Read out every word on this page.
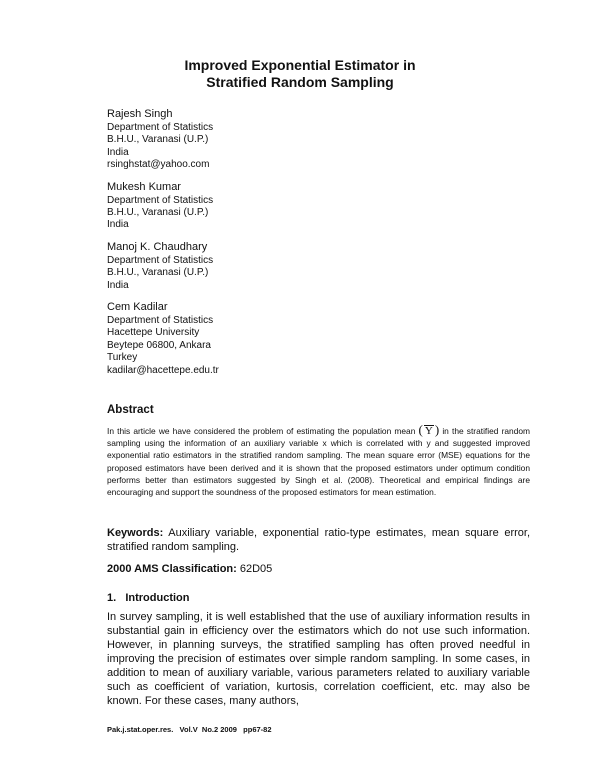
Improved Exponential Estimator in
Stratified Random Sampling
Rajesh Singh
Department of Statistics
B.H.U., Varanasi (U.P.)
India
rsinghstat@yahoo.com
Mukesh Kumar
Department of Statistics
B.H.U., Varanasi (U.P.)
India
Manoj K. Chaudhary
Department of Statistics
B.H.U., Varanasi (U.P.)
India
Cem Kadilar
Department of Statistics
Hacettepe University
Beytepe 06800, Ankara
Turkey
kadilar@hacettepe.edu.tr
Abstract
In this article we have considered the problem of estimating the population mean ( Y ) in the stratified random sampling using the information of an auxiliary variable x which is correlated with y and suggested improved exponential ratio estimators in the stratified random sampling. The mean square error (MSE) equations for the proposed estimators have been derived and it is shown that the proposed estimators under optimum condition performs better than estimators suggested by Singh et al. (2008). Theoretical and empirical findings are encouraging and support the soundness of the proposed estimators for mean estimation.
Keywords: Auxiliary variable, exponential ratio-type estimates, mean square error, stratified random sampling.
2000 AMS Classification: 62D05
1.   Introduction
In survey sampling, it is well established that the use of auxiliary information results in substantial gain in efficiency over the estimators which do not use such information. However, in planning surveys, the stratified sampling has often proved needful in improving the precision of estimates over simple random sampling. In some cases, in addition to mean of auxiliary variable, various parameters related to auxiliary variable such as coefficient of variation, kurtosis, correlation coefficient, etc. may also be known. For these cases, many authors,
Pak.j.stat.oper.res.   Vol.V  No.2 2009   pp67-82
